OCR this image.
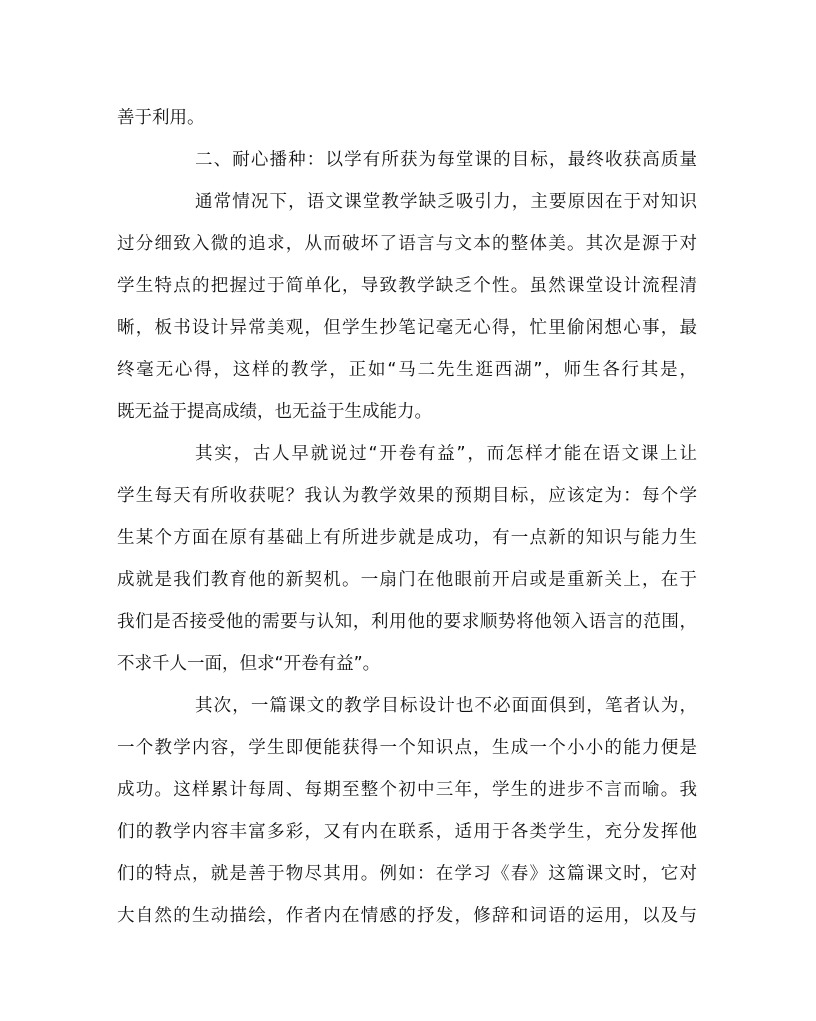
善于利用。
二、耐心播种：以学有所获为每堂课的目标，最终收获高质量
通常情况下，语文课堂教学缺乏吸引力，主要原因在于对知识
过分细致入微的追求，从而破坏了语言与文本的整体美。其次是源于对
学生特点的把握过于简单化，导致教学缺乏个性。虽然课堂设计流程清
晰，板书设计异常美观，但学生抄笔记毫无心得，忙里偷闲想心事，最
终毫无心得，这样的教学，正如“马二先生逛西湖”，师生各行其是，
既无益于提高成绩，也无益于生成能力。
其实，古人早就说过“开卷有益”，而怎样才能在语文课上让
学生每天有所收获呢？我认为教学效果的预期目标，应该定为：每个学
生某个方面在原有基础上有所进步就是成功，有一点新的知识与能力生
成就是我们教育他的新契机。一扇门在他眼前开启或是重新关上，在于
我们是否接受他的需要与认知，利用他的要求顺势将他领入语言的范围，
不求千人一面，但求“开卷有益”。
其次，一篇课文的教学目标设计也不必面面俱到，笔者认为，
一个教学内容，学生即便能获得一个知识点，生成一个小小的能力便是
成功。这样累计每周、每期至整个初中三年，学生的进步不言而喻。我
们的教学内容丰富多彩，又有内在联系，适用于各类学生，充分发挥他
们的特点，就是善于物尽其用。例如：在学习《春》这篇课文时，它对
大自然的生动描绘，作者内在情感的抒发，修辞和词语的运用，以及与
